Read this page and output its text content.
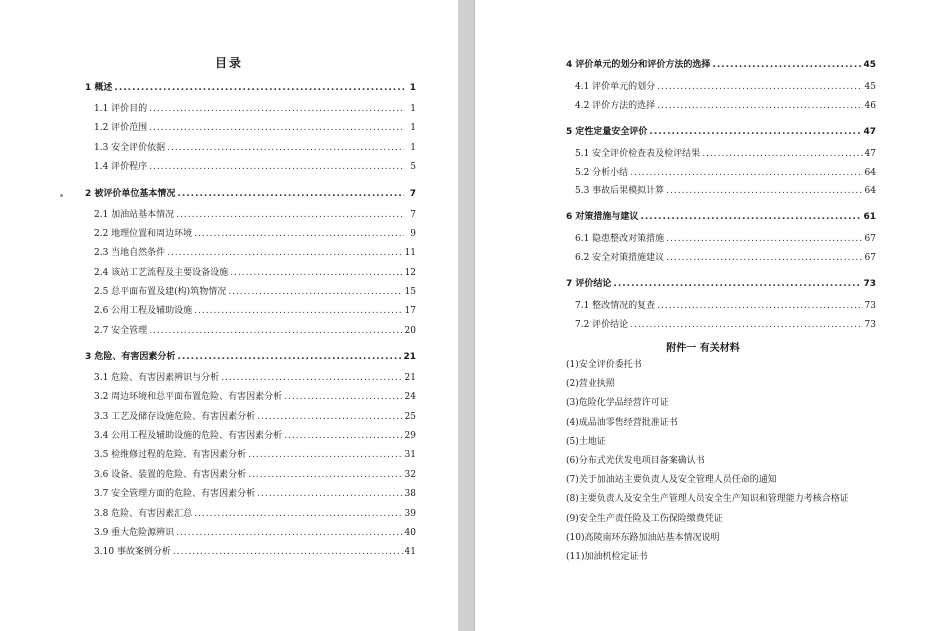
目录
1 概述 .....	1
1.1 评价目的 .....	1
1.2 评价范围 .....	1
1.3 安全评价依据 .....	1
1.4 评价程序 .....	5
2 被评价单位基本情况 .....	7
2.1 加油站基本情况 .....	7
2.2 地理位置和周边环境 .....	9
2.3 当地自然条件 .....	11
2.4 该站工艺流程及主要设备设施 .....	12
2.5 总平面布置及建(构)筑物情况 .....	15
2.6 公用工程及辅助设施 .....	17
2.7 安全管理 .....	20
3 危险、有害因素分析 .....	21
3.1 危险、有害因素辨识与分析 .....	21
3.2 周边环境和总平面布置危险、有害因素分析 .....	24
3.3 工艺及储存设施危险、有害因素分析 .....	25
3.4 公用工程及辅助设施的危险、有害因素分析 .....	29
3.5 检维修过程的危险、有害因素分析 .....	31
3.6 设备、装置的危险、有害因素分析 .....	32
3.7 安全管理方面的危险、有害因素分析 .....	38
3.8 危险、有害因素汇总 .....	39
3.9 重大危险源辨识 .....	40
3.10 事故案例分析 .....	41
4 评价单元的划分和评价方法的选择 .....	45
4.1 评价单元的划分 .....	45
4.2 评价方法的选择 .....	46
5 定性定量安全评价 .....	47
5.1 安全评价检查表及检评结果 .....	47
5.2 分析小结 .....	64
5.3 事故后果模拟计算 .....	64
6 对策措施与建议 .....	61
6.1 隐患整改对策措施 .....	67
6.2 安全对策措施建议 .....	67
7 评价结论 .....	73
7.1 整改情况的复查 .....	73
7.2 评价结论 .....	73
附件一 有关材料
(1)安全评价委托书
(2)营业执照
(3)危险化学品经营许可证
(4)成品油零售经营批准证书
(5)土地证
(6)分布式光伏发电项目备案确认书
(7)关于加油站主要负责人及安全管理人员任命的通知
(8)主要负责人及安全生产管理人员安全生产知识和管理能力考核合格证
(9)安全生产责任险及工伤保险缴费凭证
(10)高陵南环东路加油站基本情况说明
(11)加油机检定证书
